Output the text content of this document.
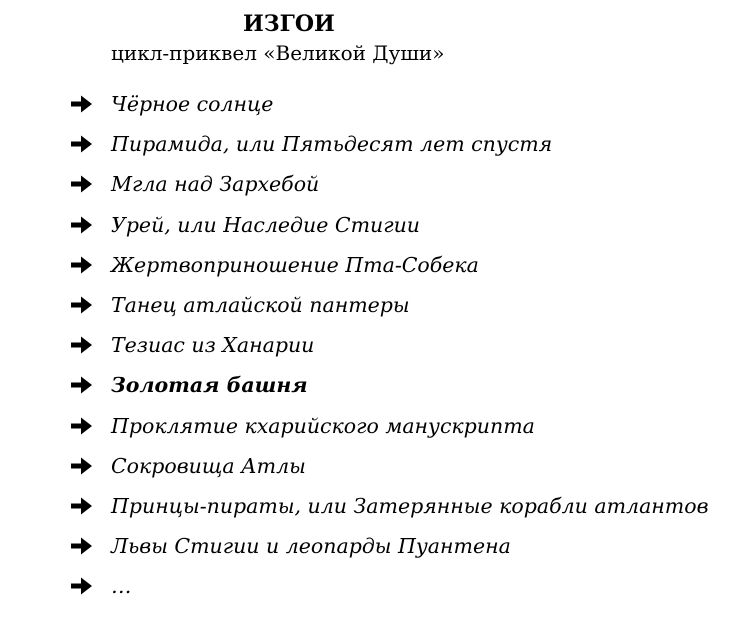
ИЗГОИ
цикл-приквел «Великой Души»
Чёрное солнце
Пирамида, или Пятьдесят лет спустя
Мгла над Зархебой
Урей, или Наследие Стигии
Жертвоприношение Пта-Собека
Танец атлайской пантеры
Тезиас из Ханарии
Золотая башня
Проклятие кхарийского манускрипта
Сокровища Атлы
Принцы-пираты, или Затерянные корабли атлантов
Львы Стигии и леопарды Пуантена
…
